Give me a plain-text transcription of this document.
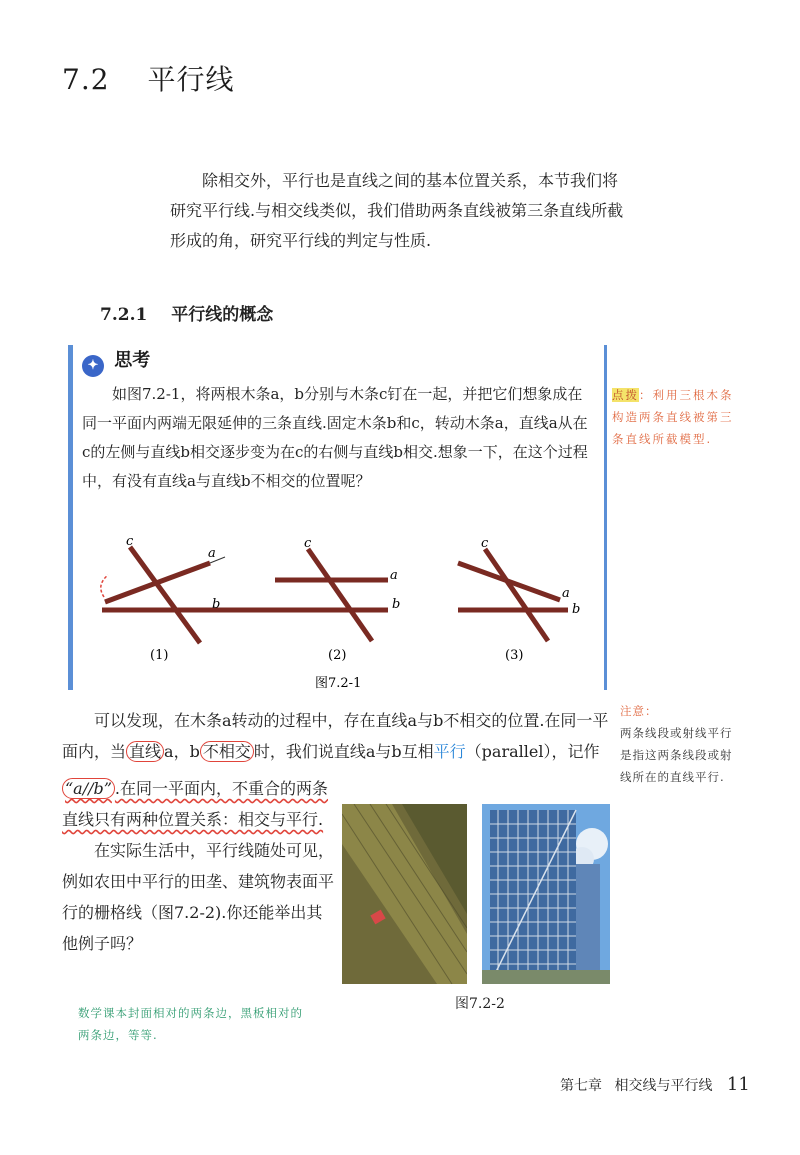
7.2 平行线

除相交外，平行也是直线之间的基本位置关系，本节我们将研究平行线.与相交线类似，我们借助两条直线被第三条直线所截形成的角，研究平行线的判定与性质.

7.2.1 平行线的概念
✦ 思考

如图7.2-1，将两根木条a，b分别与木条c钉在一起，并把它们想象成在同一平面内两端无限延伸的三条直线.固定木条b和c，转动木条a，直线a从在c的左侧与直线b相交逐步变为在c的右侧与直线b相交.想象一下，在这个过程中，有没有直线a与直线b不相交的位置呢？

点拨：利用三根木条构造两条直线被第三条直线所截模型.
c
a
b
(1)
c
a
b
(2)
c
a
b
(3)
图7.2-1
注意：
两条线段或射线平行是指这两条线段或射线所在的直线平行.

可以发现，在木条a转动的过程中，存在直线a与b不相交的位置.在同一平面内，当 直线 a，b 不相交 时，我们说直线a与b互相平行（parallel），记作

“a//b” .在同一平面内，不重合的两条直线只有两种位置关系：相交与平行.

在实际生活中，平行线随处可见，例如农田中平行的田垄、建筑物表面平行的栅格线（图7.2-2).你还能举出其他例子吗？

图7.2-2
数学课本封面相对的两条边，黑板相对的两条边，等等.
第七章 相交线与平行线 11
